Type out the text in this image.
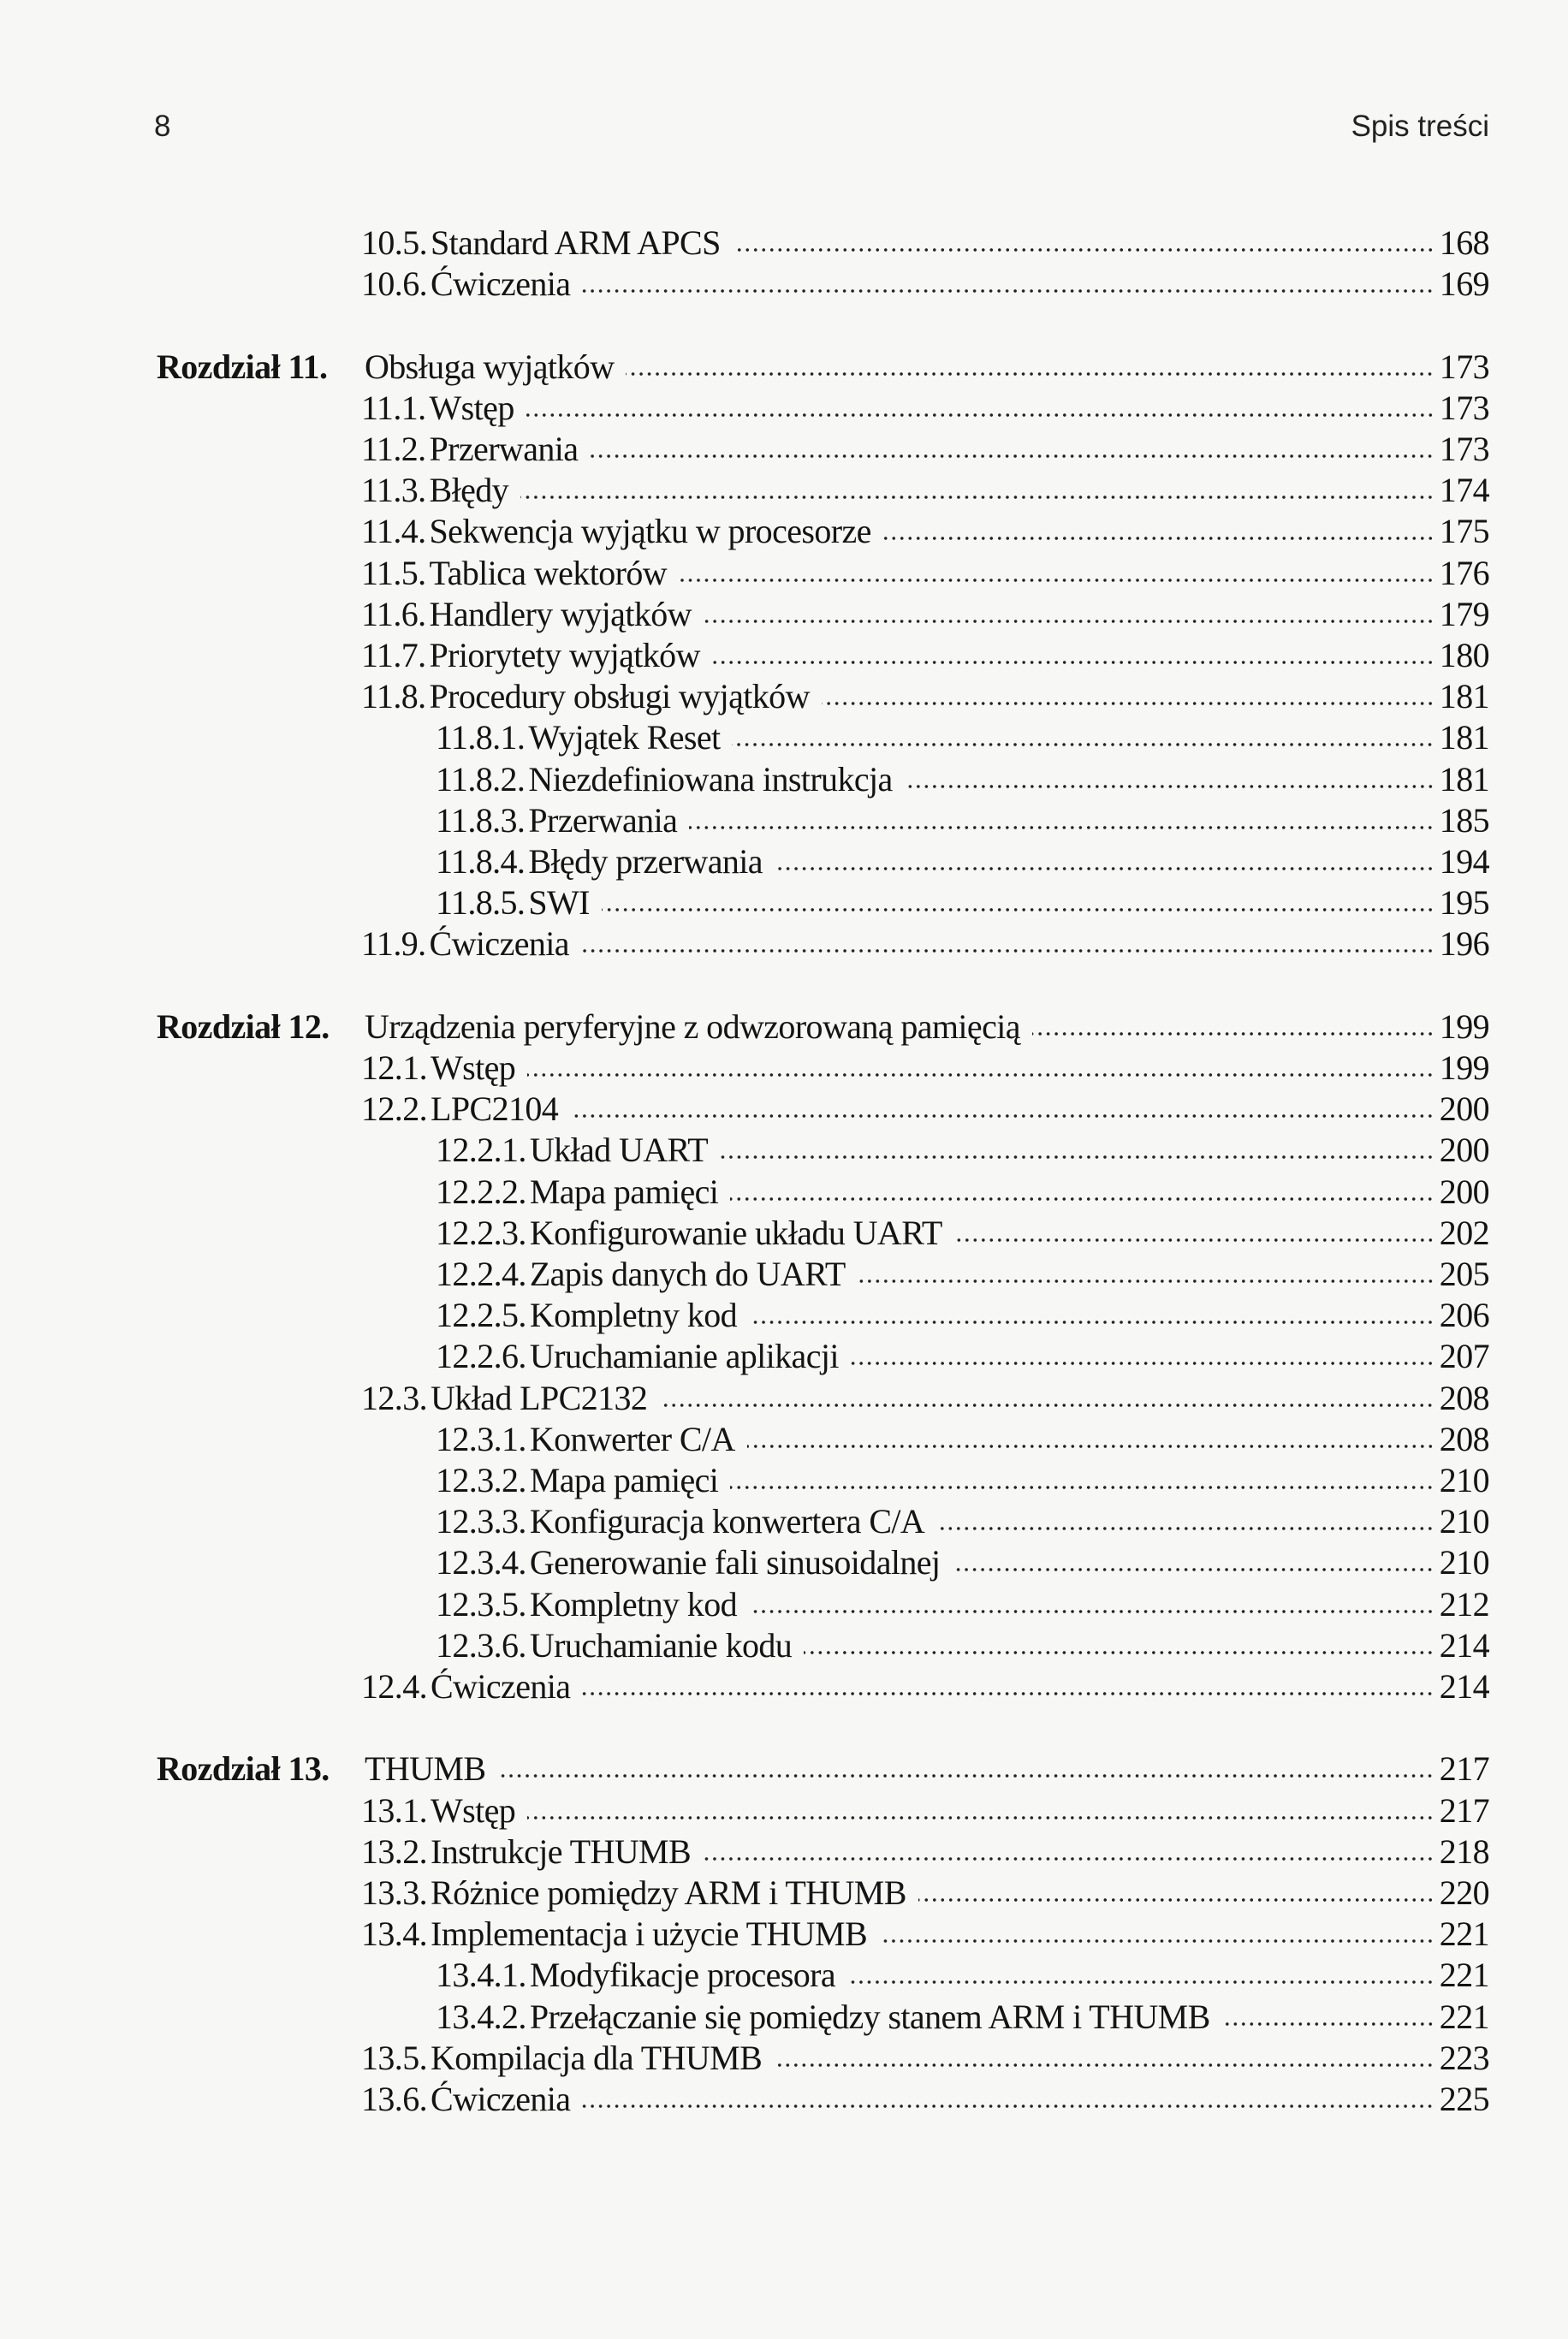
8	Spis treści
10.5. Standard ARM APCS	168
10.6. Ćwiczenia	169
Rozdział 11. Obsługa wyjątków	173
11.1. Wstęp	173
11.2. Przerwania	173
11.3. Błędy	174
11.4. Sekwencja wyjątku w procesorze	175
11.5. Tablica wektorów	176
11.6. Handlery wyjątków	179
11.7. Priorytety wyjątków	180
11.8. Procedury obsługi wyjątków	181
11.8.1. Wyjątek Reset	181
11.8.2. Niezdefiniowana instrukcja	181
11.8.3. Przerwania	185
11.8.4. Błędy przerwania	194
11.8.5. SWI	195
11.9. Ćwiczenia	196
Rozdział 12. Urządzenia peryferyjne z odwzorowaną pamięcią	199
12.1. Wstęp	199
12.2. LPC2104	200
12.2.1. Układ UART	200
12.2.2. Mapa pamięci	200
12.2.3. Konfigurowanie układu UART	202
12.2.4. Zapis danych do UART	205
12.2.5. Kompletny kod	206
12.2.6. Uruchamianie aplikacji	207
12.3. Układ LPC2132	208
12.3.1. Konwerter C/A	208
12.3.2. Mapa pamięci	210
12.3.3. Konfiguracja konwertera C/A	210
12.3.4. Generowanie fali sinusoidalnej	210
12.3.5. Kompletny kod	212
12.3.6. Uruchamianie kodu	214
12.4. Ćwiczenia	214
Rozdział 13. THUMB	217
13.1. Wstęp	217
13.2. Instrukcje THUMB	218
13.3. Różnice pomiędzy ARM i THUMB	220
13.4. Implementacja i użycie THUMB	221
13.4.1. Modyfikacje procesora	221
13.4.2. Przełączanie się pomiędzy stanem ARM i THUMB	221
13.5. Kompilacja dla THUMB	223
13.6. Ćwiczenia	225
